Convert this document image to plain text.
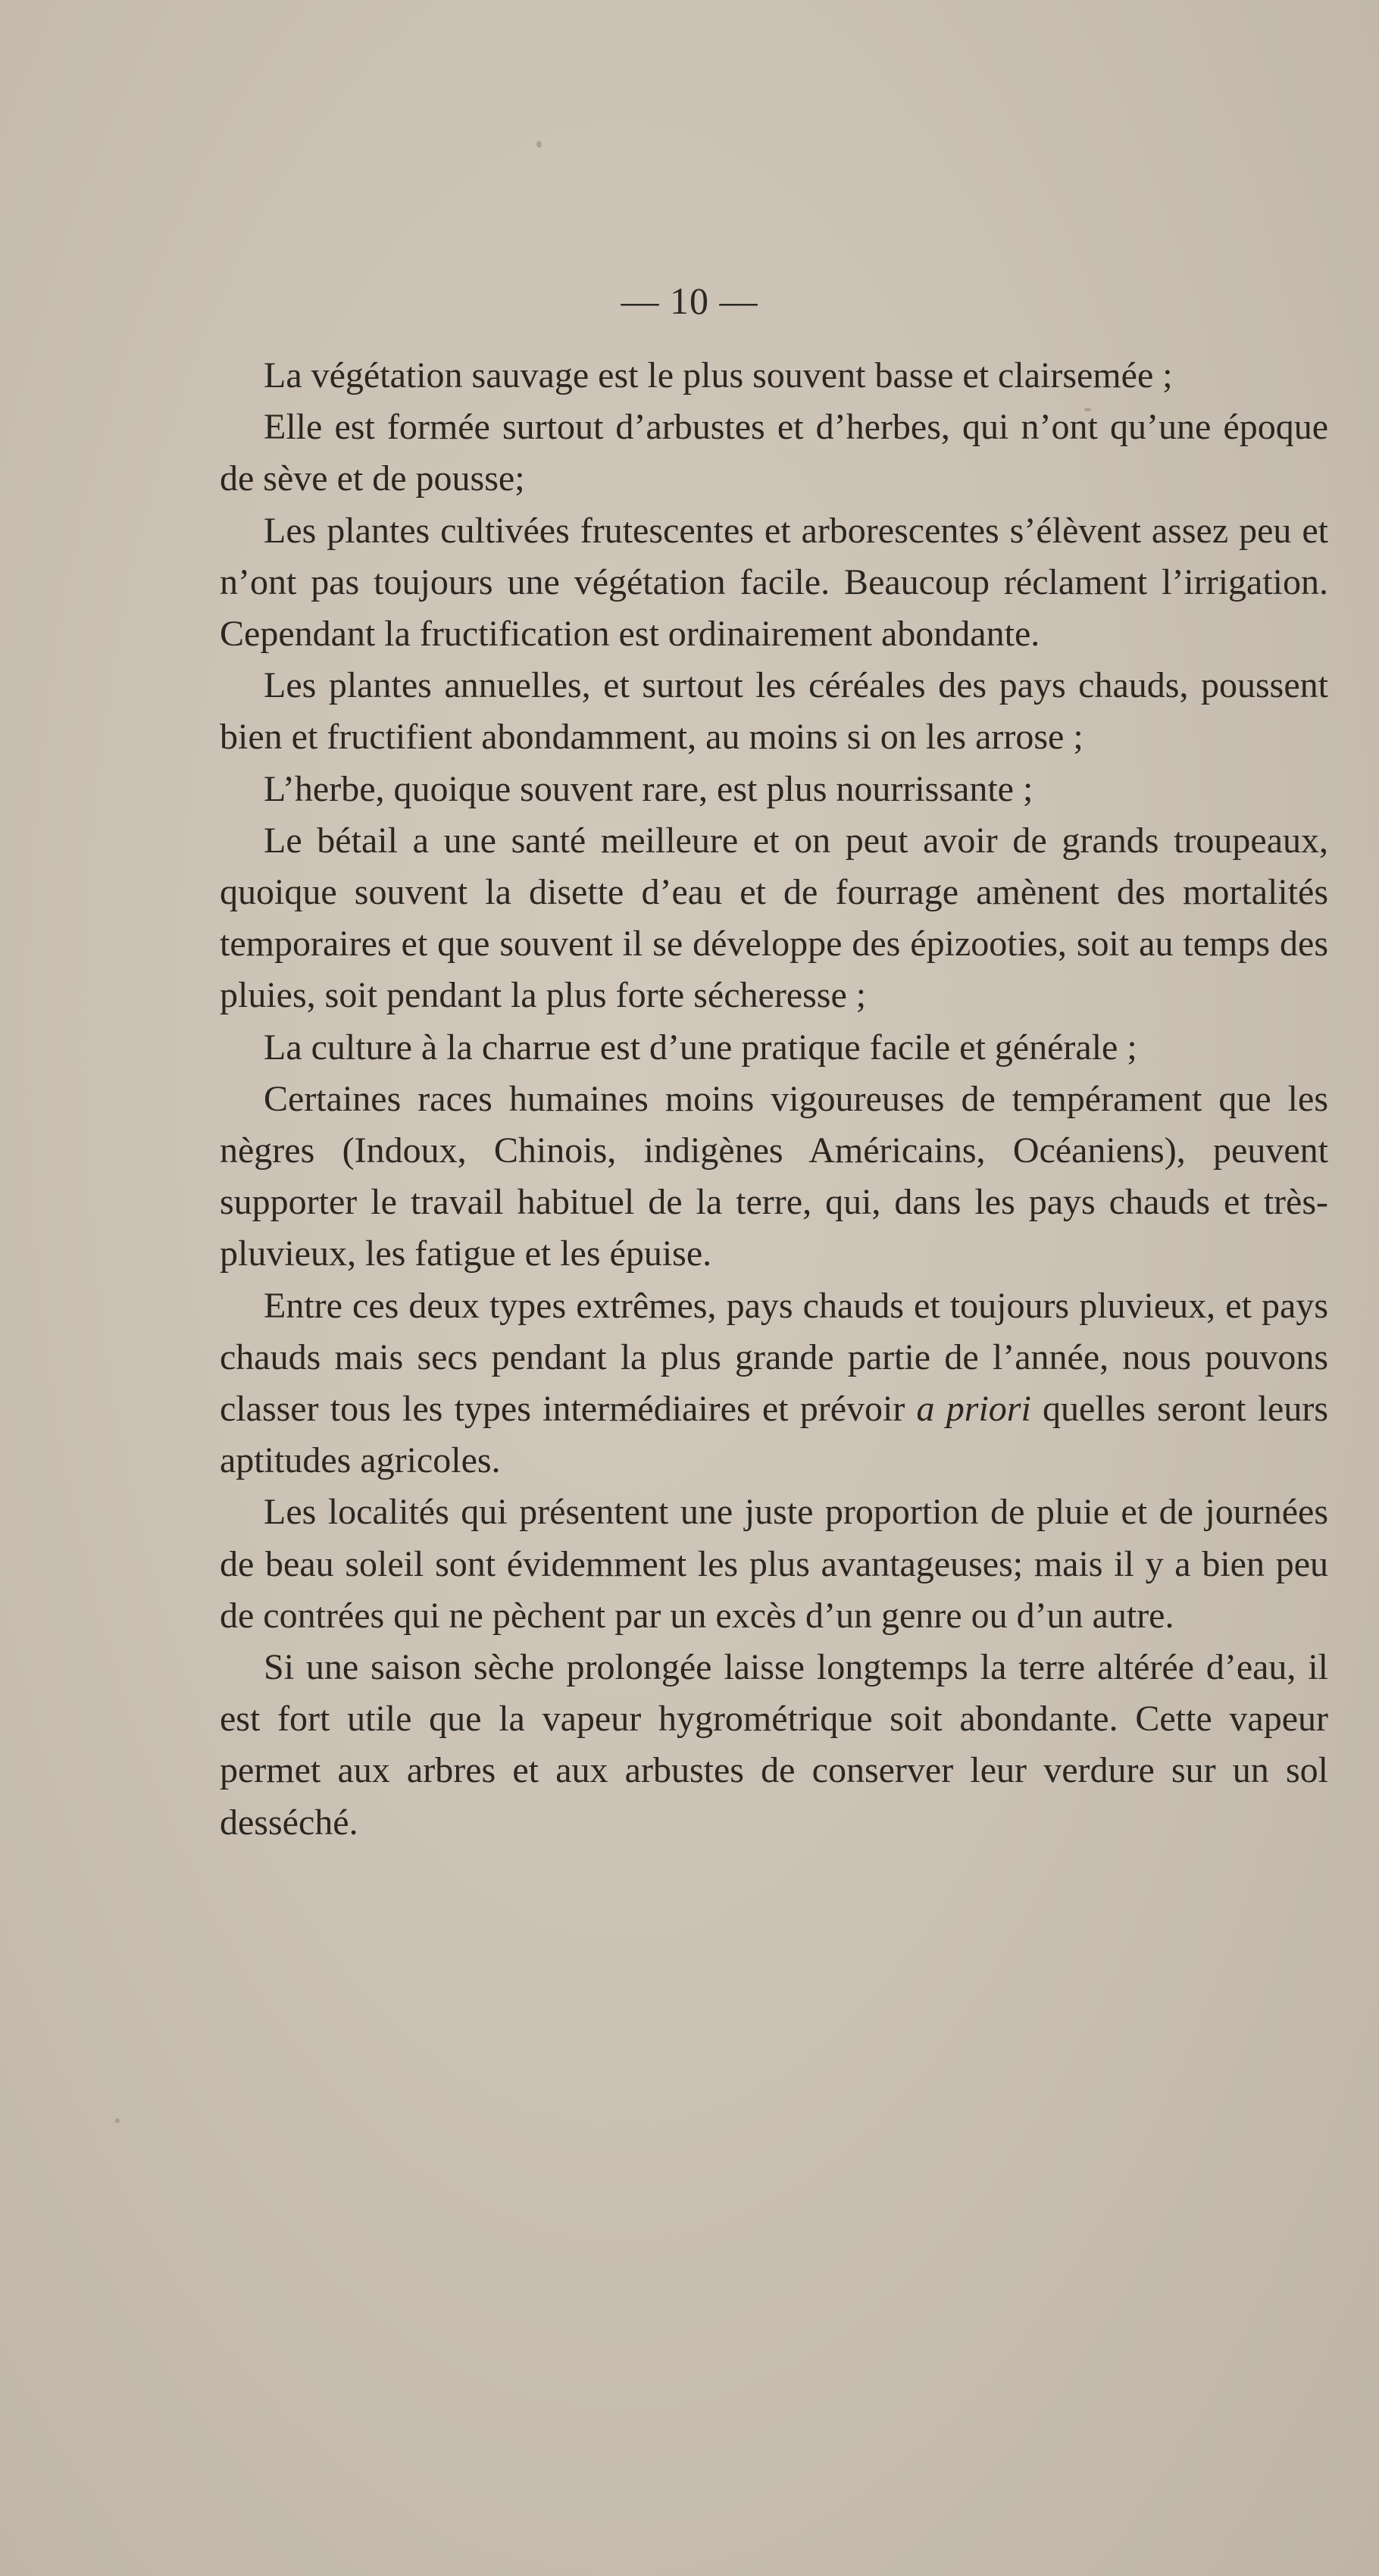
— 10 —

La végétation sauvage est le plus souvent basse et clairsemée ;

Elle est formée surtout d’arbustes et d’herbes, qui n’ont qu’une époque de sève et de pousse;

Les plantes cultivées frutescentes et arborescentes s’élèvent assez peu et n’ont pas toujours une végétation facile. Beaucoup réclament l’irrigation. Cependant la fructification est ordinairement abondante.

Les plantes annuelles, et surtout les céréales des pays chauds, poussent bien et fructifient abondamment, au moins si on les arrose ;

L’herbe, quoique souvent rare, est plus nourrissante ;

Le bétail a une santé meilleure et on peut avoir de grands troupeaux, quoique souvent la disette d’eau et de fourrage amènent des mortalités temporaires et que souvent il se développe des épizooties, soit au temps des pluies, soit pendant la plus forte sécheresse ;

La culture à la charrue est d’une pratique facile et générale ;

Certaines races humaines moins vigoureuses de tempérament que les nègres (Indoux, Chinois, indigènes Américains, Océaniens), peuvent supporter le travail habituel de la terre, qui, dans les pays chauds et très-pluvieux, les fatigue et les épuise.

Entre ces deux types extrêmes, pays chauds et toujours pluvieux, et pays chauds mais secs pendant la plus grande partie de l’année, nous pouvons classer tous les types intermédiaires et prévoir a priori quelles seront leurs aptitudes agricoles.

Les localités qui présentent une juste proportion de pluie et de journées de beau soleil sont évidemment les plus avantageuses; mais il y a bien peu de contrées qui ne pèchent par un excès d’un genre ou d’un autre.

Si une saison sèche prolongée laisse longtemps la terre altérée d’eau, il est fort utile que la vapeur hygrométrique soit abondante. Cette vapeur permet aux arbres et aux arbustes de conserver leur verdure sur un sol desséché.
